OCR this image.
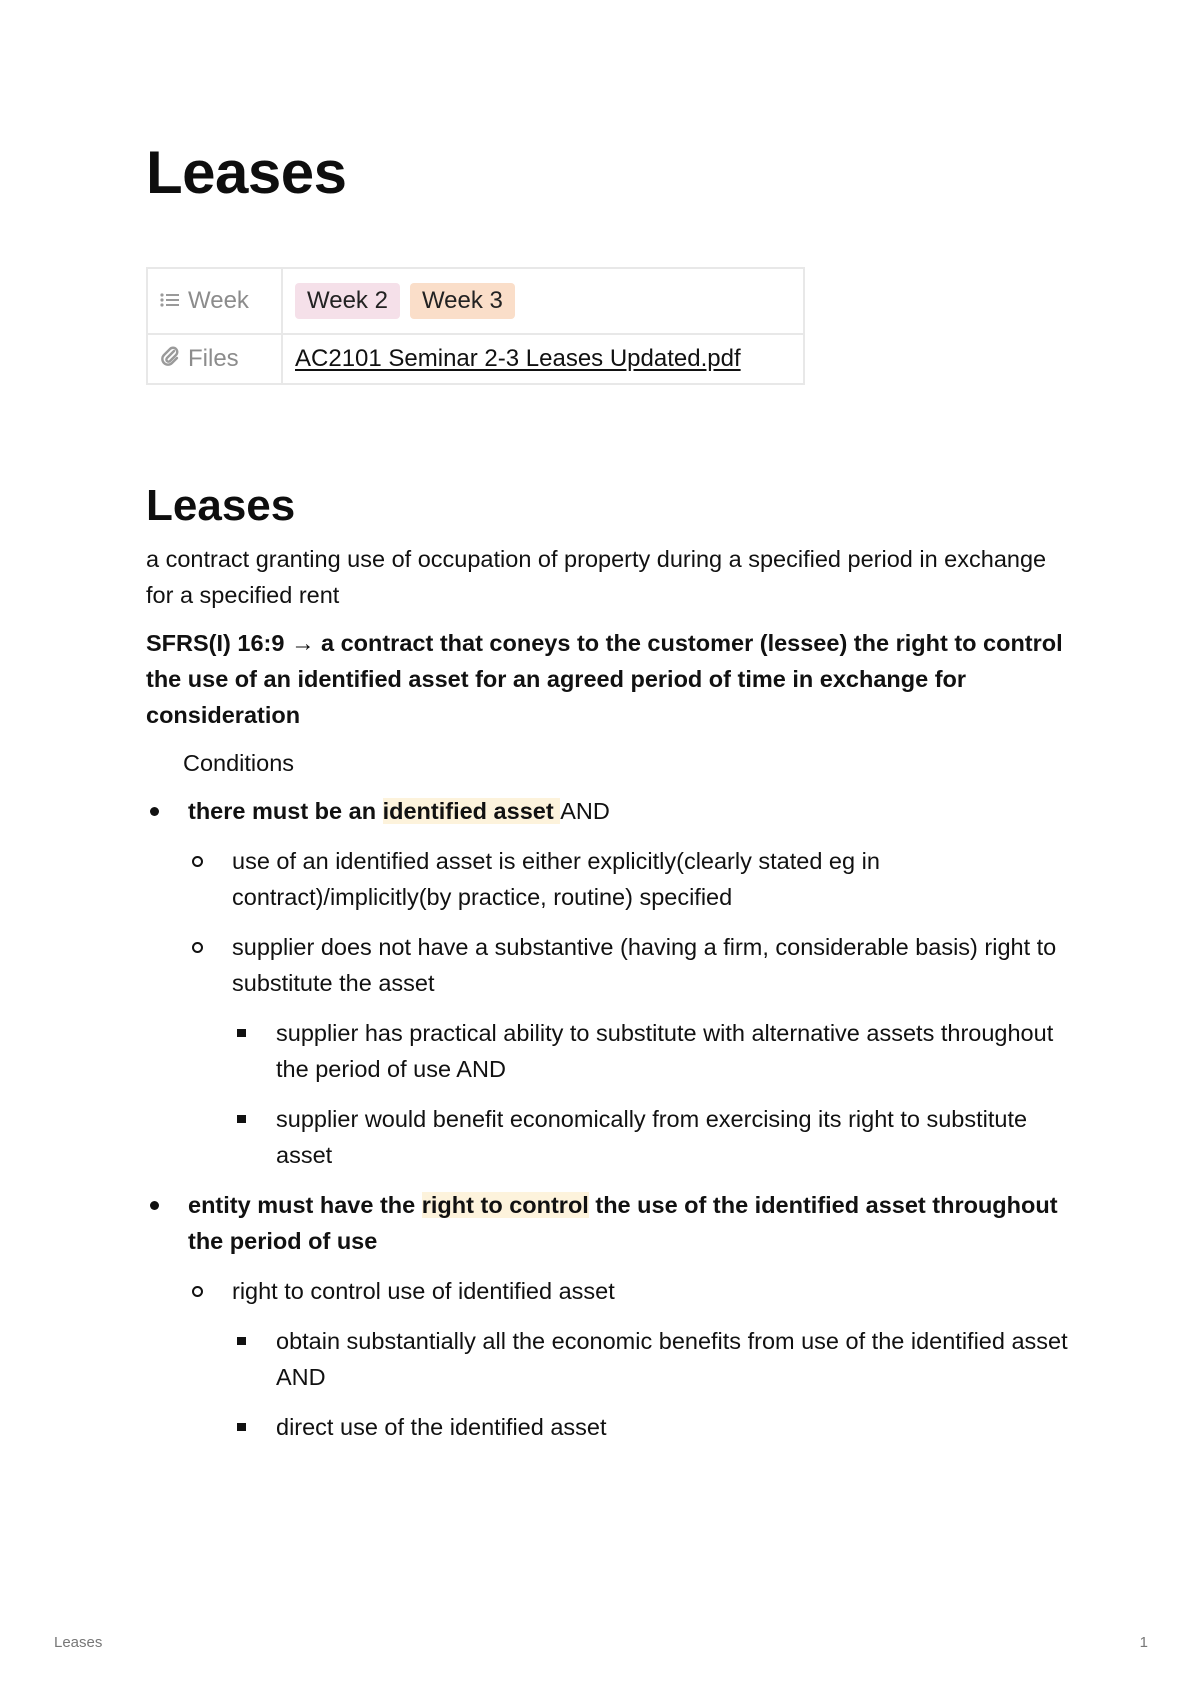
Leases
Week	Week 2 Week 3

Files	AC2101 Seminar 2-3 Leases Updated.pdf
Leases

a contract granting use of occupation of property during a specified period in exchange for a specified rent

SFRS(I) 16:9 → a contract that coneys to the customer (lessee) the right to control the use of an identified asset for an agreed period of time in exchange for consideration

Conditions

there must be an identified asset AND
use of an identified asset is either explicitly(clearly stated eg in contract)/implicitly(by practice, routine) specified
supplier does not have a substantive (having a firm, considerable basis) right to substitute the asset
supplier has practical ability to substitute with alternative assets throughout the period of use AND
supplier would benefit economically from exercising its right to substitute asset
entity must have the right to control the use of the identified asset throughout the period of use
right to control use of identified asset
obtain substantially all the economic benefits from use of the identified asset AND
direct use of the identified asset
Leases	1
